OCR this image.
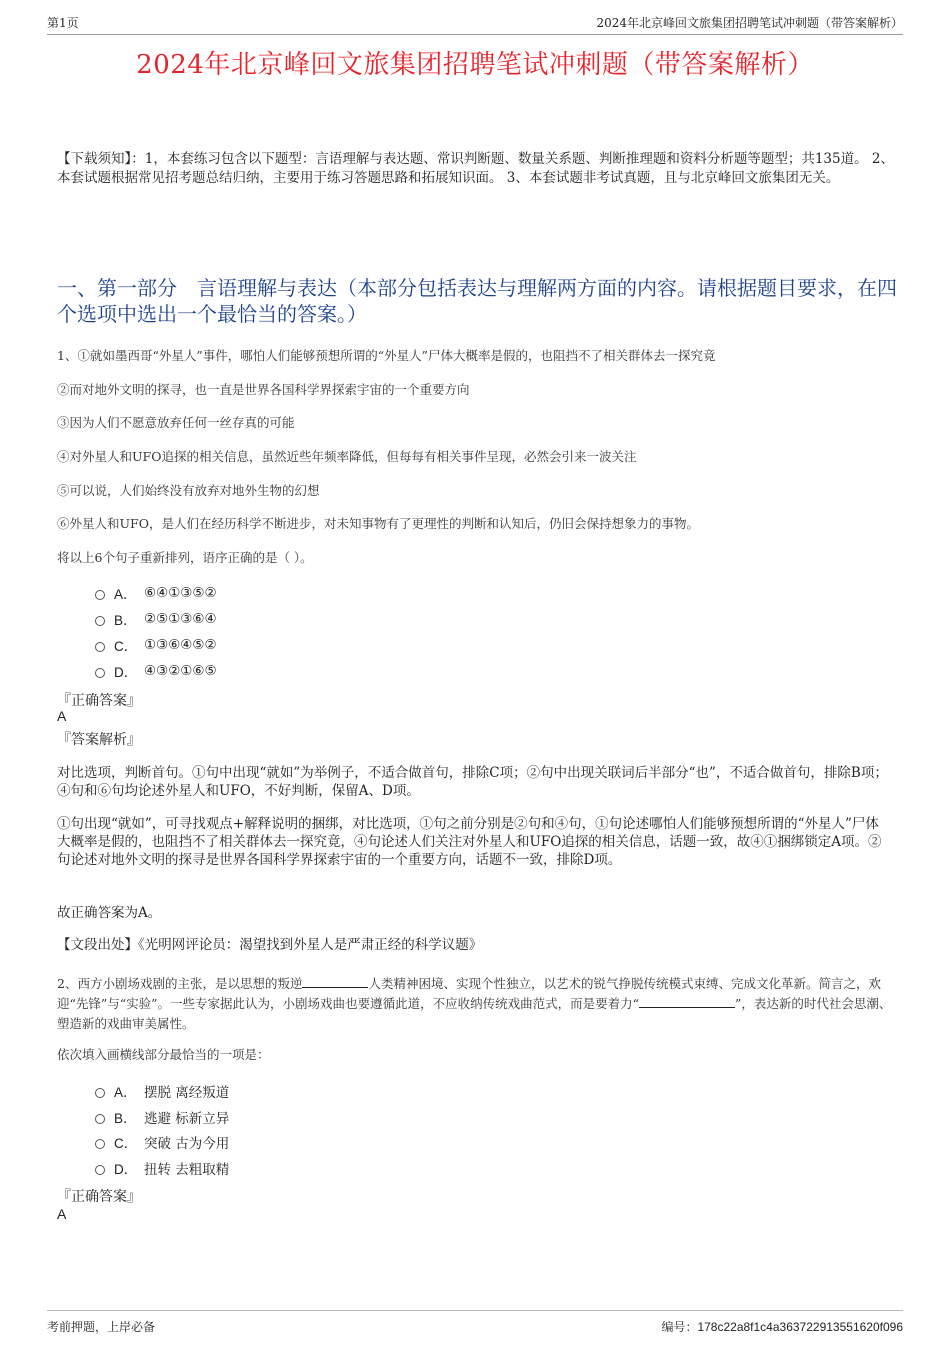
第1页	2024年北京峰回文旅集团招聘笔试冲刺题（带答案解析）
2024年北京峰回文旅集团招聘笔试冲刺题（带答案解析）
【下载须知】：1，本套练习包含以下题型：言语理解与表达题、常识判断题、数量关系题、判断推理题和资料分析题等题型；共135道。 2、本套试题根据常见招考题总结归纳，主要用于练习答题思路和拓展知识面。 3、本套试题非考试真题，且与北京峰回文旅集团无关。
一、第一部分　言语理解与表达（本部分包括表达与理解两方面的内容。请根据题目要求，在四个选项中选出一个最恰当的答案。）
1、①就如墨西哥“外星人”事件，哪怕人们能够预想所谓的“外星人”尸体大概率是假的，也阻挡不了相关群体去一探究竟
②而对地外文明的探寻，也一直是世界各国科学界探索宇宙的一个重要方向
③因为人们不愿意放弃任何一丝存真的可能
④对外星人和UFO追探的相关信息，虽然近些年频率降低，但每每有相关事件呈现，必然会引来一波关注
⑤可以说，人们始终没有放弃对地外生物的幻想
⑥外星人和UFO，是人们在经历科学不断进步，对未知事物有了更理性的判断和认知后，仍旧会保持想象力的事物。
将以上6个句子重新排列，语序正确的是（ ）。
A． ⑥④①③⑤②
B． ②⑤①③⑥④
C． ①③⑥④⑤②
D． ④③②①⑥⑤
『正确答案』
A
『答案解析』
对比选项，判断首句。①句中出现“就如”为举例子，不适合做首句，排除C项；②句中出现关联词后半部分“也”，不适合做首句，排除B项；④句和⑥句均论述外星人和UFO，不好判断，保留A、D项。
①句出现“就如”，可寻找观点+解释说明的捆绑，对比选项，①句之前分别是②句和④句，①句论述哪怕人们能够预想所谓的“外星人”尸体大概率是假的，也阻挡不了相关群体去一探究竟，④句论述人们关注对外星人和UFO追探的相关信息，话题一致，故④①捆绑锁定A项。②句论述对地外文明的探寻是世界各国科学界探索宇宙的一个重要方向，话题不一致，排除D项。
故正确答案为A。
【文段出处】《光明网评论员：渴望找到外星人是严肃正经的科学议题》
2、西方小剧场戏剧的主张，是以思想的叛逆	人类精神困境、实现个性独立，以艺术的锐气挣脱传统模式束缚、完成文化革新。简言之，欢迎“先锋”与“实验”。一些专家据此认为，小剧场戏曲也要遵循此道，不应收纳传统戏曲范式，而是要着力“	”，表达新的时代社会思潮、塑造新的戏曲审美属性。
依次填入画横线部分最恰当的一项是：
A． 摆脱 离经叛道
B． 逃避 标新立异
C． 突破 古为今用
D． 扭转 去粗取精
『正确答案』
A
考前押题，上岸必备	编号：178c22a8f1c4a363722913551620f096
